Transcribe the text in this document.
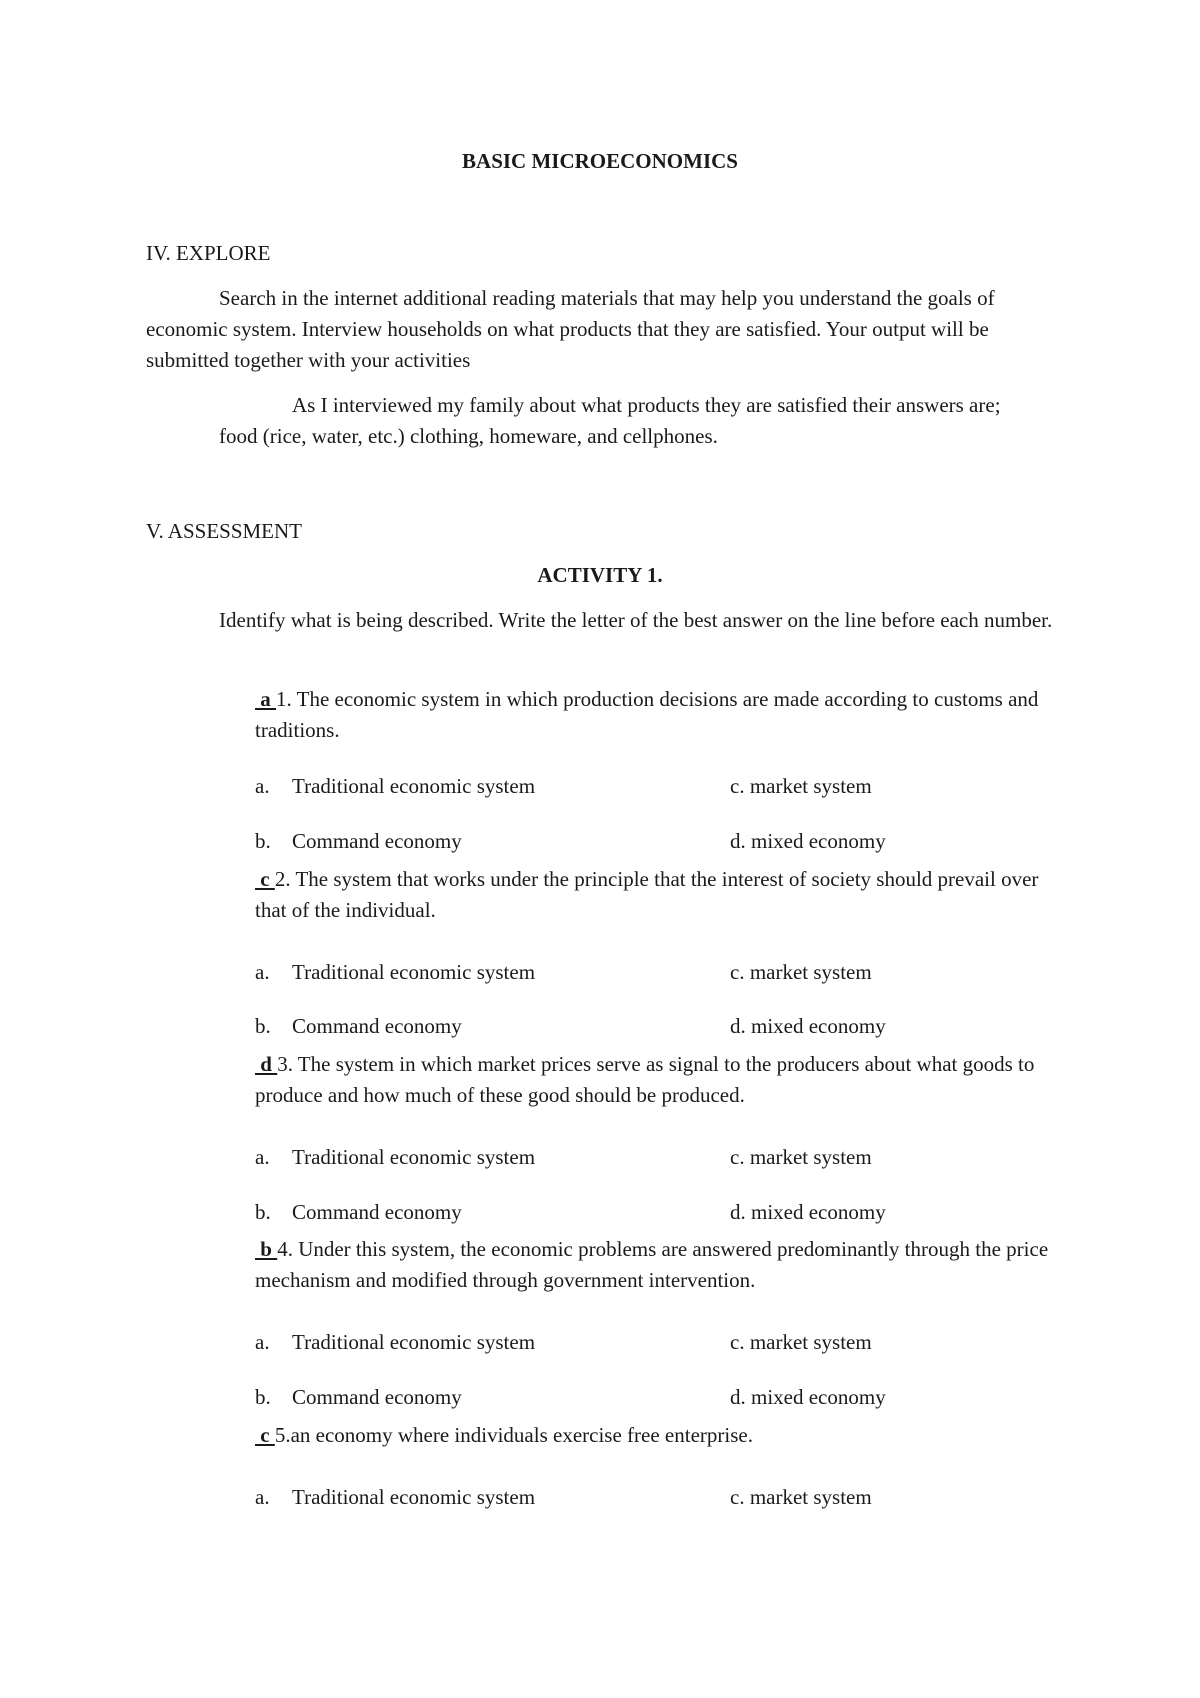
BASIC MICROECONOMICS
IV. EXPLORE

Search in the internet additional reading materials that may help you understand the goals of economic system. Interview households on what products that they are satisfied. Your output will be submitted together with your activities

As I interviewed my family about what products they are satisfied their answers are; food (rice, water, etc.) clothing, homeware, and cellphones.

V. ASSESSMENT
ACTIVITY 1.

Identify what is being described. Write the letter of the best answer on the line before each number.

a 1. The economic system in which production decisions are made according to customs and traditions.

a. Traditional economic system	c. market system
b. Command economy	d. mixed economy

c 2. The system that works under the principle that the interest of society should prevail over that of the individual.

a. Traditional economic system	c. market system
b. Command economy	d. mixed economy

d 3. The system in which market prices serve as signal to the producers about what goods to produce and how much of these good should be produced.

a. Traditional economic system	c. market system
b. Command economy	d. mixed economy

b 4. Under this system, the economic problems are answered predominantly through the price mechanism and modified through government intervention.

a. Traditional economic system	c. market system
b. Command economy	d. mixed economy

c 5.an economy where individuals exercise free enterprise.

a. Traditional economic system	c. market system
